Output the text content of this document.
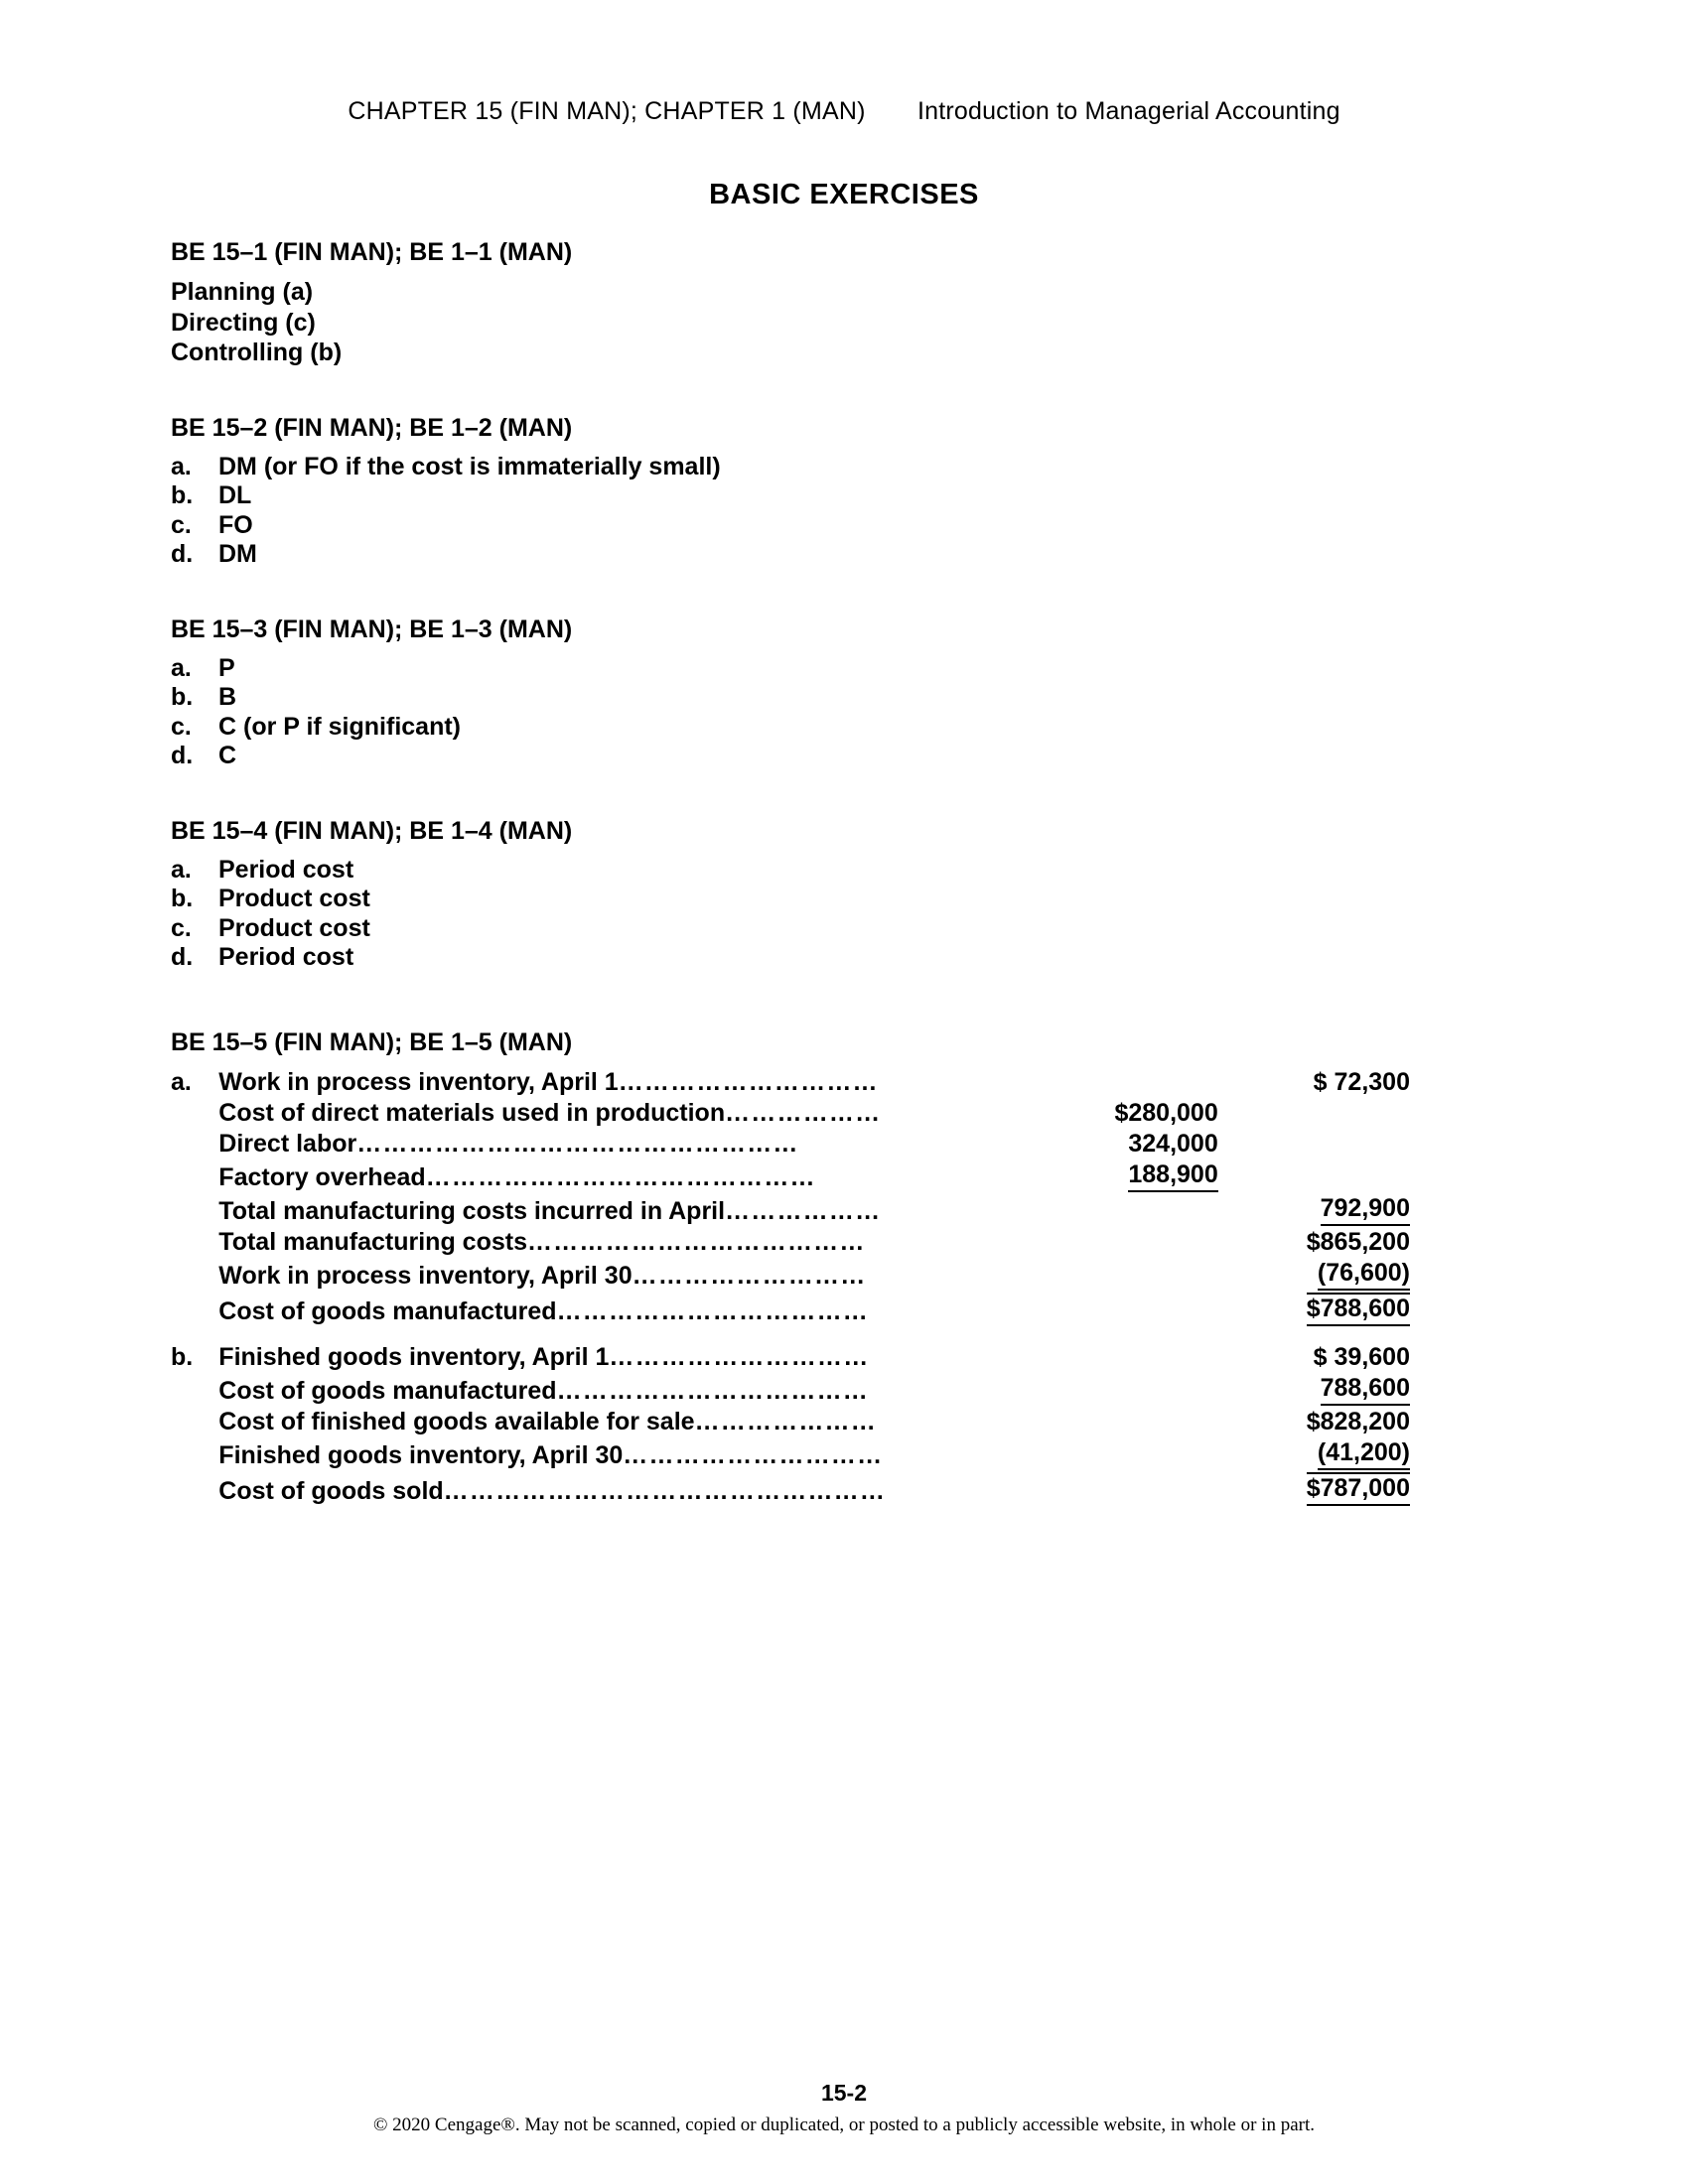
CHAPTER 15 (FIN MAN); CHAPTER 1 (MAN) Introduction to Managerial Accounting
BASIC EXERCISES
BE 15–1 (FIN MAN); BE 1–1 (MAN)
Planning (a)
Directing (c)
Controlling (b)
BE 15–2 (FIN MAN); BE 1–2 (MAN)
a.	DM (or FO if the cost is immaterially small)
b.	DL
c.	FO
d.	DM
BE 15–3 (FIN MAN); BE 1–3 (MAN)
a.	P
b.	B
c.	C (or P if significant)
d.	C
BE 15–4 (FIN MAN); BE 1–4 (MAN)
a.	Period cost
b.	Product cost
c.	Product cost
d.	Period cost
BE 15–5 (FIN MAN); BE 1–5 (MAN)
a.	Work in process inventory, April 1…………………………		$ 72,300

	Cost of direct materials used in production………………	$280,000	

	Direct labor……………………………………………	324,000	

	Factory overhead………………………………………	188,900	

	Total manufacturing costs incurred in April………………		792,900

	Total manufacturing costs…………………………………		$865,200

	Work in process inventory, April 30………………………		(76,600)

	Cost of goods manufactured………………………………		$788,600
b.	Finished goods inventory, April 1…………………………		$ 39,600

	Cost of goods manufactured………………………………		788,600

	Cost of finished goods available for sale…………………		$828,200

	Finished goods inventory, April 30…………………………		(41,200)

	Cost of goods sold……………………………………………		$787,000
15-2
© 2020 Cengage®. May not be scanned, copied or duplicated, or posted to a publicly accessible website, in whole or in part.
